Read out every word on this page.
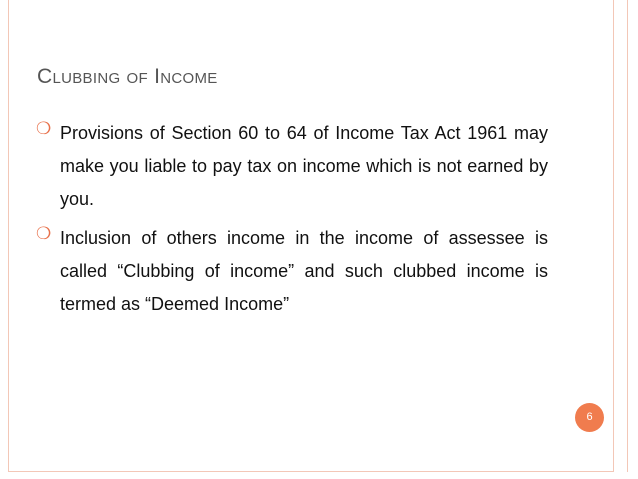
Clubbing of Income
❍ Provisions of Section 60 to 64 of Income Tax Act 1961 may make you liable to pay tax on income which is not earned by you.
❍ Inclusion of others income in the income of assessee is called “Clubbing of income” and such clubbed income is termed as “Deemed Income”
6
